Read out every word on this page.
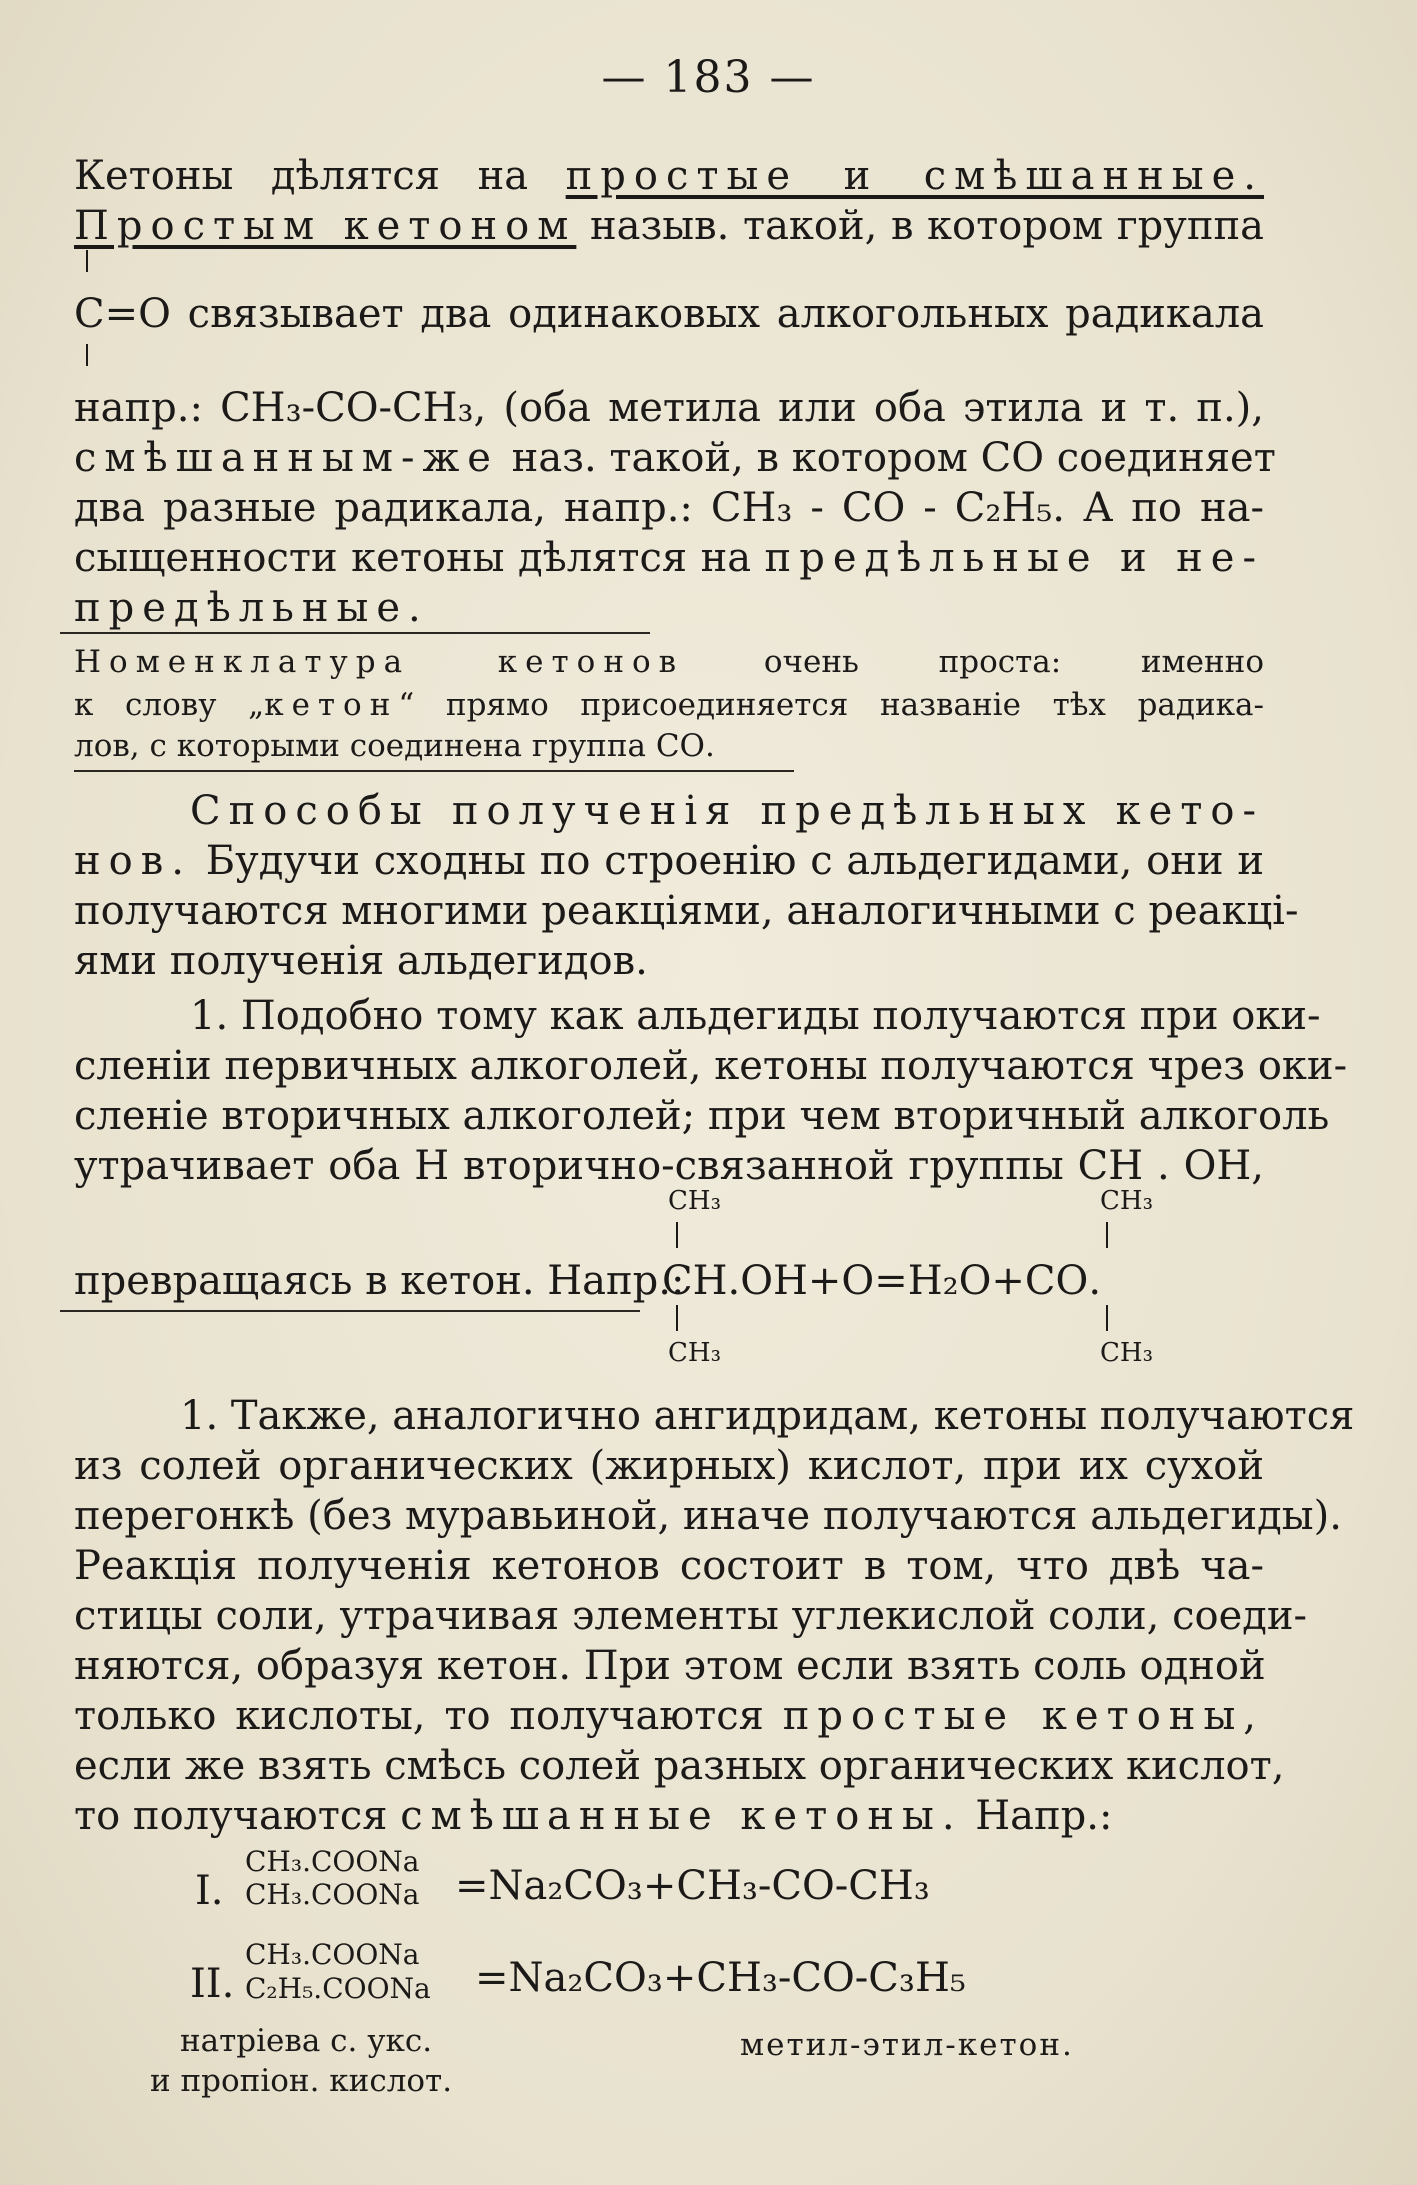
— 183 —
Кетоны дѣлятся на простые и смѣшанные.
Простым кетоном назыв. такой, в котором группа
С=О связывает два одинаковых алкогольных радикала
напр.: СН₃-СО-СН₃, (оба метила или оба этила и т. п.),
смѣшанным-же наз. такой, в котором СО соединяет
два разные радикала, напр.: СН₃ - СО - С₂Н₅. А по на-
сыщенности кетоны дѣлятся на предѣльные и не-
предѣльные.
Номенклатура кетонов	очень проста: именно
к слову „кетон“ прямо присоединяется названіе тѣх радика-
лов, с которыми соединена группа СО.
Способы полученія предѣльных кето-
нов. Будучи сходны по строенію с альдегидами, они и
получаются многими реакціями, аналогичными с реакці-
ями полученія альдегидов.
1. Подобно тому как альдегиды получаются при оки-
сленіи первичных алкоголей, кетоны получаются чрез оки-
сленіе вторичных алкоголей; при чем вторичный алкоголь
утрачивает оба Н вторично-связанной группы СН . ОН,
СН₃	СН₃
превращаясь в кетон. Напр.:
СН.ОН+О=Н₂О+СО.
СН₃	СН₃
1. Также, аналогично ангидридам, кетоны получаются
из солей органических (жирных) кислот, при их сухой
перегонкѣ (без муравьиной, иначе получаются альдегиды).
Реакція полученія кетонов состоит в том, что двѣ ча-
стицы соли, утрачивая элементы углекислой соли, соеди-
няются, образуя кетон. При этом если взять соль одной
только кислоты, то получаются простые кетоны,
если же взять смѣсь солей разных органических кислот,
то получаются смѣшанные кетоны. Напр.:
I.
СН₃.СООNa
СН₃.СООNa =Na₂CO₃+СН₃-СО-СН₃
II.
СН₃.СООNa
С₂Н₅.СООNa =Na₂CO₃+СН₃-СО-С₃Н₅
натріева с. укс.
и пропіон. кислот.
метил-этил-кетон.
